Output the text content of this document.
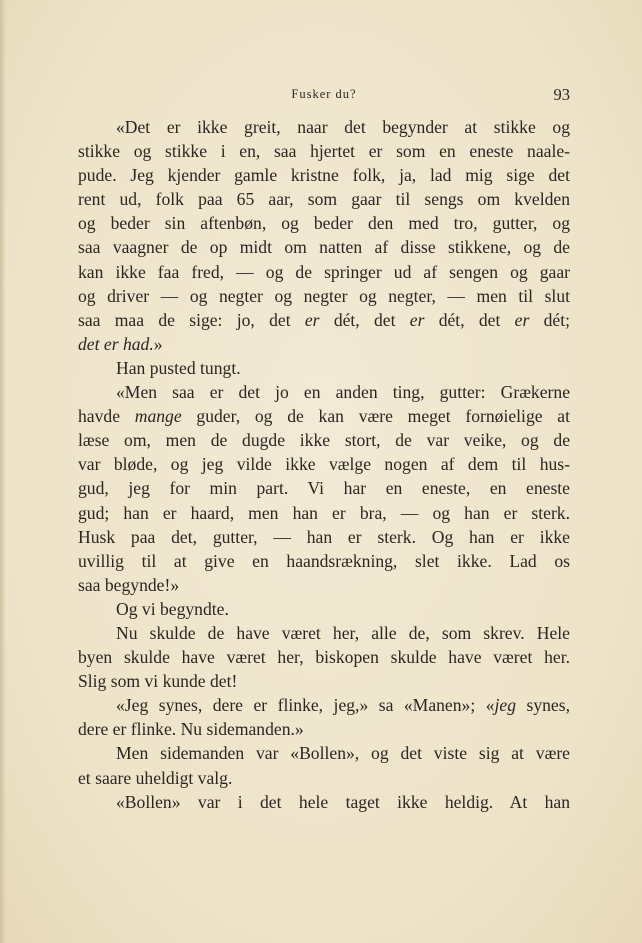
Fusker du?	93
«Det er ikke greit, naar det begynder at stikke og
stikke og stikke i en, saa hjertet er som en eneste naale-
pude. Jeg kjender gamle kristne folk, ja, lad mig sige det
rent ud, folk paa 65 aar, som gaar til sengs om kvelden
og beder sin aftenbøn, og beder den med tro, gutter, og
saa vaagner de op midt om natten af disse stikkene, og de
kan ikke faa fred, — og de springer ud af sengen og gaar
og driver — og negter og negter og negter, — men til slut
saa maa de sige: jo, det er dét, det er dét, det er dét;
det er had.»
Han pusted tungt.
«Men saa er det jo en anden ting, gutter: Grækerne
havde mange guder, og de kan være meget fornøielige at
læse om, men de dugde ikke stort, de var veike, og de
var bløde, og jeg vilde ikke vælge nogen af dem til hus-
gud, jeg for min part. Vi har en eneste, en eneste
gud; han er haard, men han er bra, — og han er sterk.
Husk paa det, gutter, — han er sterk. Og han er ikke
uvillig til at give en haandsrækning, slet ikke. Lad os
saa begynde!»
Og vi begyndte.
Nu skulde de have været her, alle de, som skrev. Hele
byen skulde have været her, biskopen skulde have været her.
Slig som vi kunde det!
«Jeg synes, dere er flinke, jeg,» sa «Manen»; «jeg synes,
dere er flinke. Nu sidemanden.»
Men sidemanden var «Bollen», og det viste sig at være
et saare uheldigt valg.
«Bollen» var i det hele taget ikke heldig. At han
